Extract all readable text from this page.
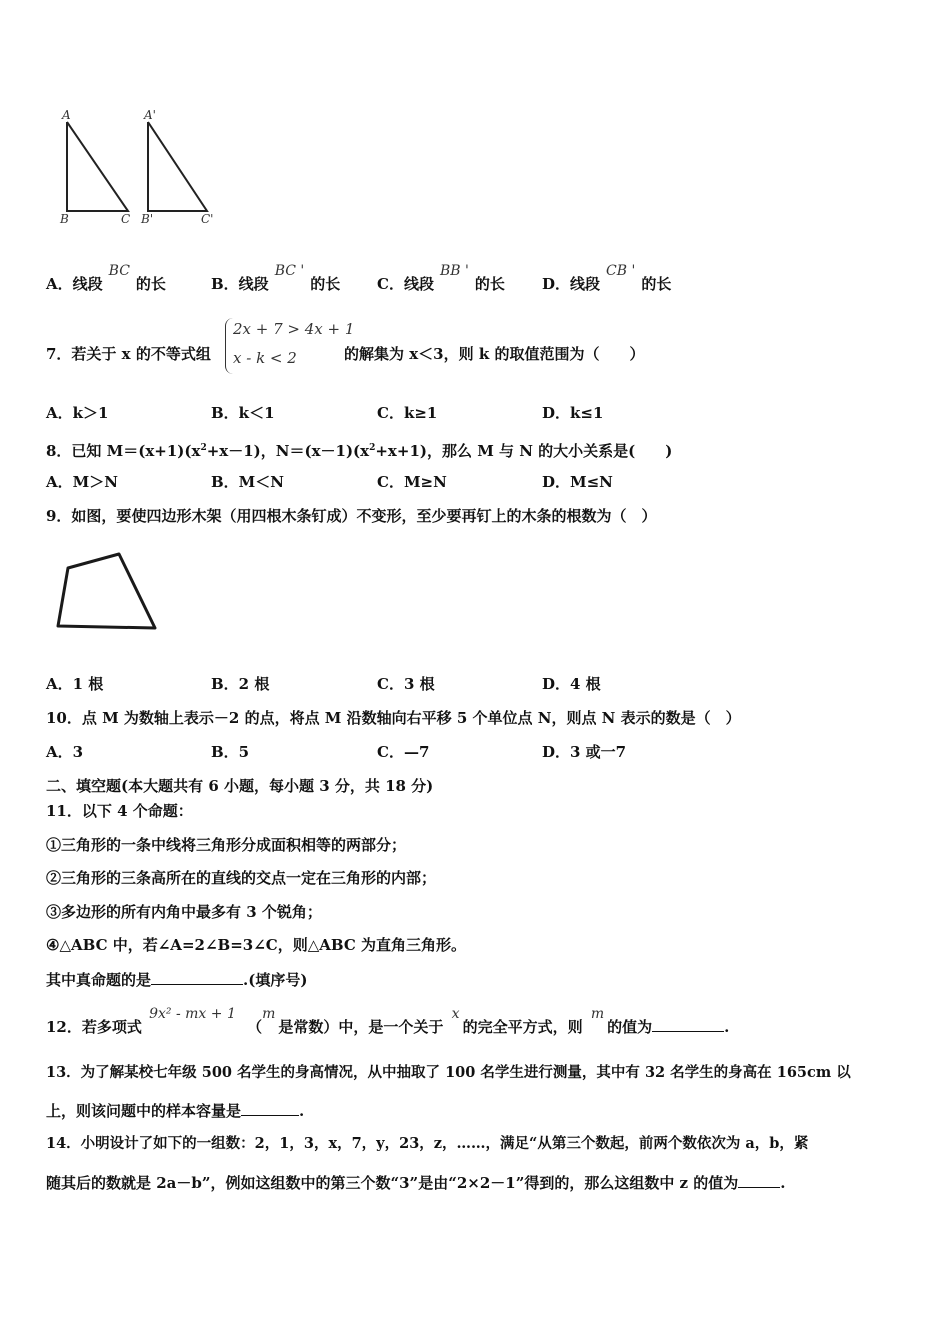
A
B	C
A'
B'	C'
A．线段BC的长	B．线段BC '的长 C．线段BB '的长 D．线段CB '的长
7．若关于 x 的不等式组
2x + 7 > 4x + 1
x - k < 2	的解集为 x＜3，则 k 的取值范围为（　　）
A．k＞1	B．k＜1	C．k≥1	D．k≤1
8．已知 $M=(x+1)(x^2+x-1)$，$N=(x-1)(x^2+x+1)$，那么 M 与 N 的大小关系是(　　)
A．M＞N	B．M＜N	C．M≥N	D．M≤N
9．如图，要使四边形木架（用四根木条钉成）不变形，至少要再钉上的木条的根数为（　）
A．1 根	B．2 根	C．3 根	D．4 根
10．点 M 为数轴上表示－2 的点，将点 M 沿数轴向右平移 5 个单位点 N，则点 N 表示的数是（　）
A．3	B．5	C．—7	D．3 或一7
二、填空题(本大题共有 6 小题，每小题 3 分，共 18 分)
11．以下 4 个命题：
①三角形的一条中线将三角形分成面积相等的两部分；
②三角形的三条高所在的直线的交点一定在三角形的内部；
③多边形的所有内角中最多有 3 个锐角；
④△ABC 中，若∠A=2∠B=3∠C，则△ABC 为直角三角形。
其中真命题的是	.(填序号)
12．若多项式 9x² - mx + 1 （m是常数）中，是一个关于 x的完全平方式，则 m的值为	.
13．为了解某校七年级 500 名学生的身高情况，从中抽取了 100 名学生进行测量，其中有 32 名学生的身高在 165cm 以
上，则该问题中的样本容量是	.
14．小明设计了如下的一组数：2，1，3，x，7，y，23，z，……，满足“从第三个数起，前两个数依次为 a，b，紧
随其后的数就是 2a－b”，例如这组数中的第三个数“3”是由“2×2－1”得到的，那么这组数中 z 的值为	.
